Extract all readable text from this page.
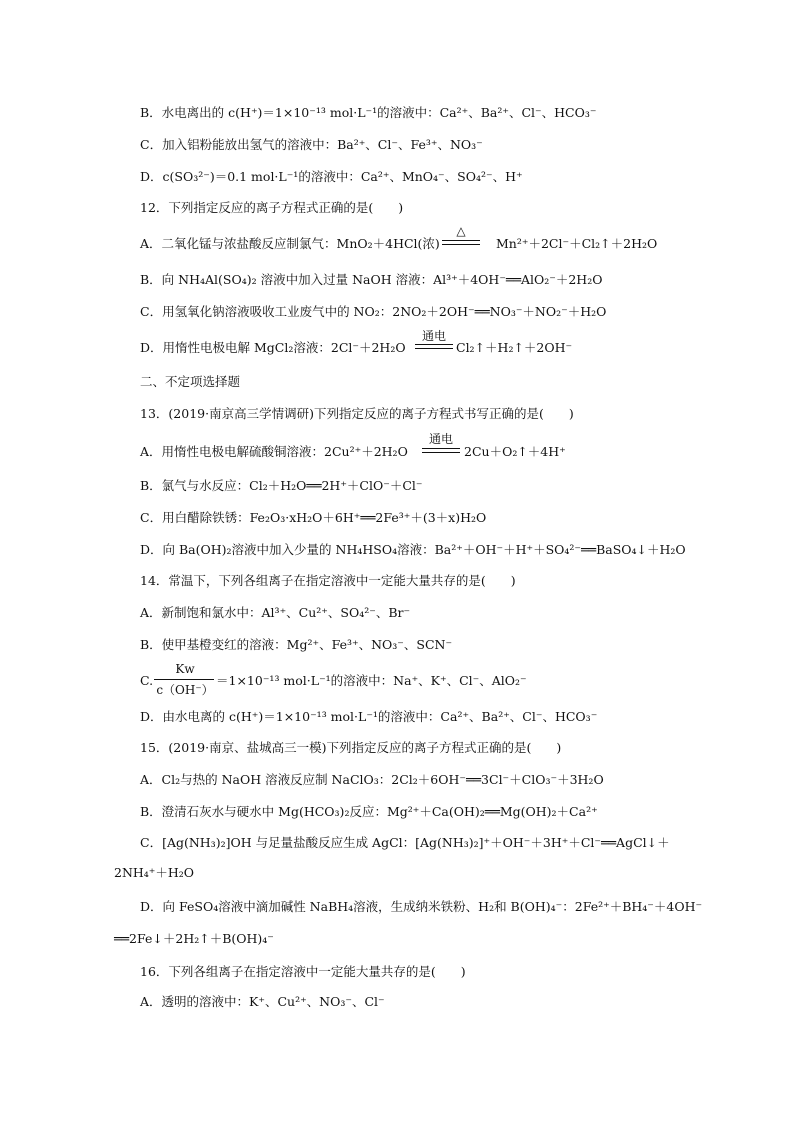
B．水电离出的 c(H⁺)＝1×10⁻¹³ mol·L⁻¹的溶液中：Ca²⁺、Ba²⁺、Cl⁻、HCO₃⁻
C．加入铝粉能放出氢气的溶液中：Ba²⁺、Cl⁻、Fe³⁺、NO₃⁻
D．c(SO₃²⁻)＝0.1 mol·L⁻¹的溶液中：Ca²⁺、MnO₄⁻、SO₄²⁻、H⁺
12．下列指定反应的离子方程式正确的是(　　)
A．二氧化锰与浓盐酸反应制氯气：MnO₂＋4HCl(浓)
△
Mn²⁺＋2Cl⁻＋Cl₂↑＋2H₂O
B．向 NH₄Al(SO₄)₂ 溶液中加入过量 NaOH 溶液：Al³⁺＋4OH⁻══AlO₂⁻＋2H₂O
C．用氢氧化钠溶液吸收工业废气中的 NO₂：2NO₂＋2OH⁻══NO₃⁻＋NO₂⁻＋H₂O
D．用惰性电极电解 MgCl₂溶液：2Cl⁻＋2H₂O
通电
Cl₂↑＋H₂↑＋2OH⁻
二、不定项选择题
13．(2019·南京高三学情调研)下列指定反应的离子方程式书写正确的是(　　)
A．用惰性电极电解硫酸铜溶液：2Cu²⁺＋2H₂O
通电
2Cu＋O₂↑＋4H⁺
B．氯气与水反应：Cl₂＋H₂O══2H⁺＋ClO⁻＋Cl⁻
C．用白醋除铁锈：Fe₂O₃·xH₂O＋6H⁺══2Fe³⁺＋(3＋x)H₂O
D．向 Ba(OH)₂溶液中加入少量的 NH₄HSO₄溶液：Ba²⁺＋OH⁻＋H⁺＋SO₄²⁻══BaSO₄↓＋H₂O
14．常温下，下列各组离子在指定溶液中一定能大量共存的是(　　)
A．新制饱和氯水中：Al³⁺、Cu²⁺、SO₄²⁻、Br⁻
B．使甲基橙变红的溶液：Mg²⁺、Fe³⁺、NO₃⁻、SCN⁻
C.
Kw
c（OH⁻）
＝1×10⁻¹³ mol·L⁻¹的溶液中：Na⁺、K⁺、Cl⁻、AlO₂⁻
D．由水电离的 c(H⁺)＝1×10⁻¹³ mol·L⁻¹的溶液中：Ca²⁺、Ba²⁺、Cl⁻、HCO₃⁻
15．(2019·南京、盐城高三一模)下列指定反应的离子方程式正确的是(　　)
A．Cl₂与热的 NaOH 溶液反应制 NaClO₃：2Cl₂＋6OH⁻══3Cl⁻＋ClO₃⁻＋3H₂O
B．澄清石灰水与硬水中 Mg(HCO₃)₂反应：Mg²⁺＋Ca(OH)₂══Mg(OH)₂＋Ca²⁺
C．[Ag(NH₃)₂]OH 与足量盐酸反应生成 AgCl：[Ag(NH₃)₂]⁺＋OH⁻＋3H⁺＋Cl⁻══AgCl↓＋
2NH₄⁺＋H₂O
D．向 FeSO₄溶液中滴加碱性 NaBH₄溶液，生成纳米铁粉、H₂和 B(OH)₄⁻：2Fe²⁺＋BH₄⁻＋4OH⁻
══2Fe↓＋2H₂↑＋B(OH)₄⁻
16．下列各组离子在指定溶液中一定能大量共存的是(　　)
A．透明的溶液中：K⁺、Cu²⁺、NO₃⁻、Cl⁻
